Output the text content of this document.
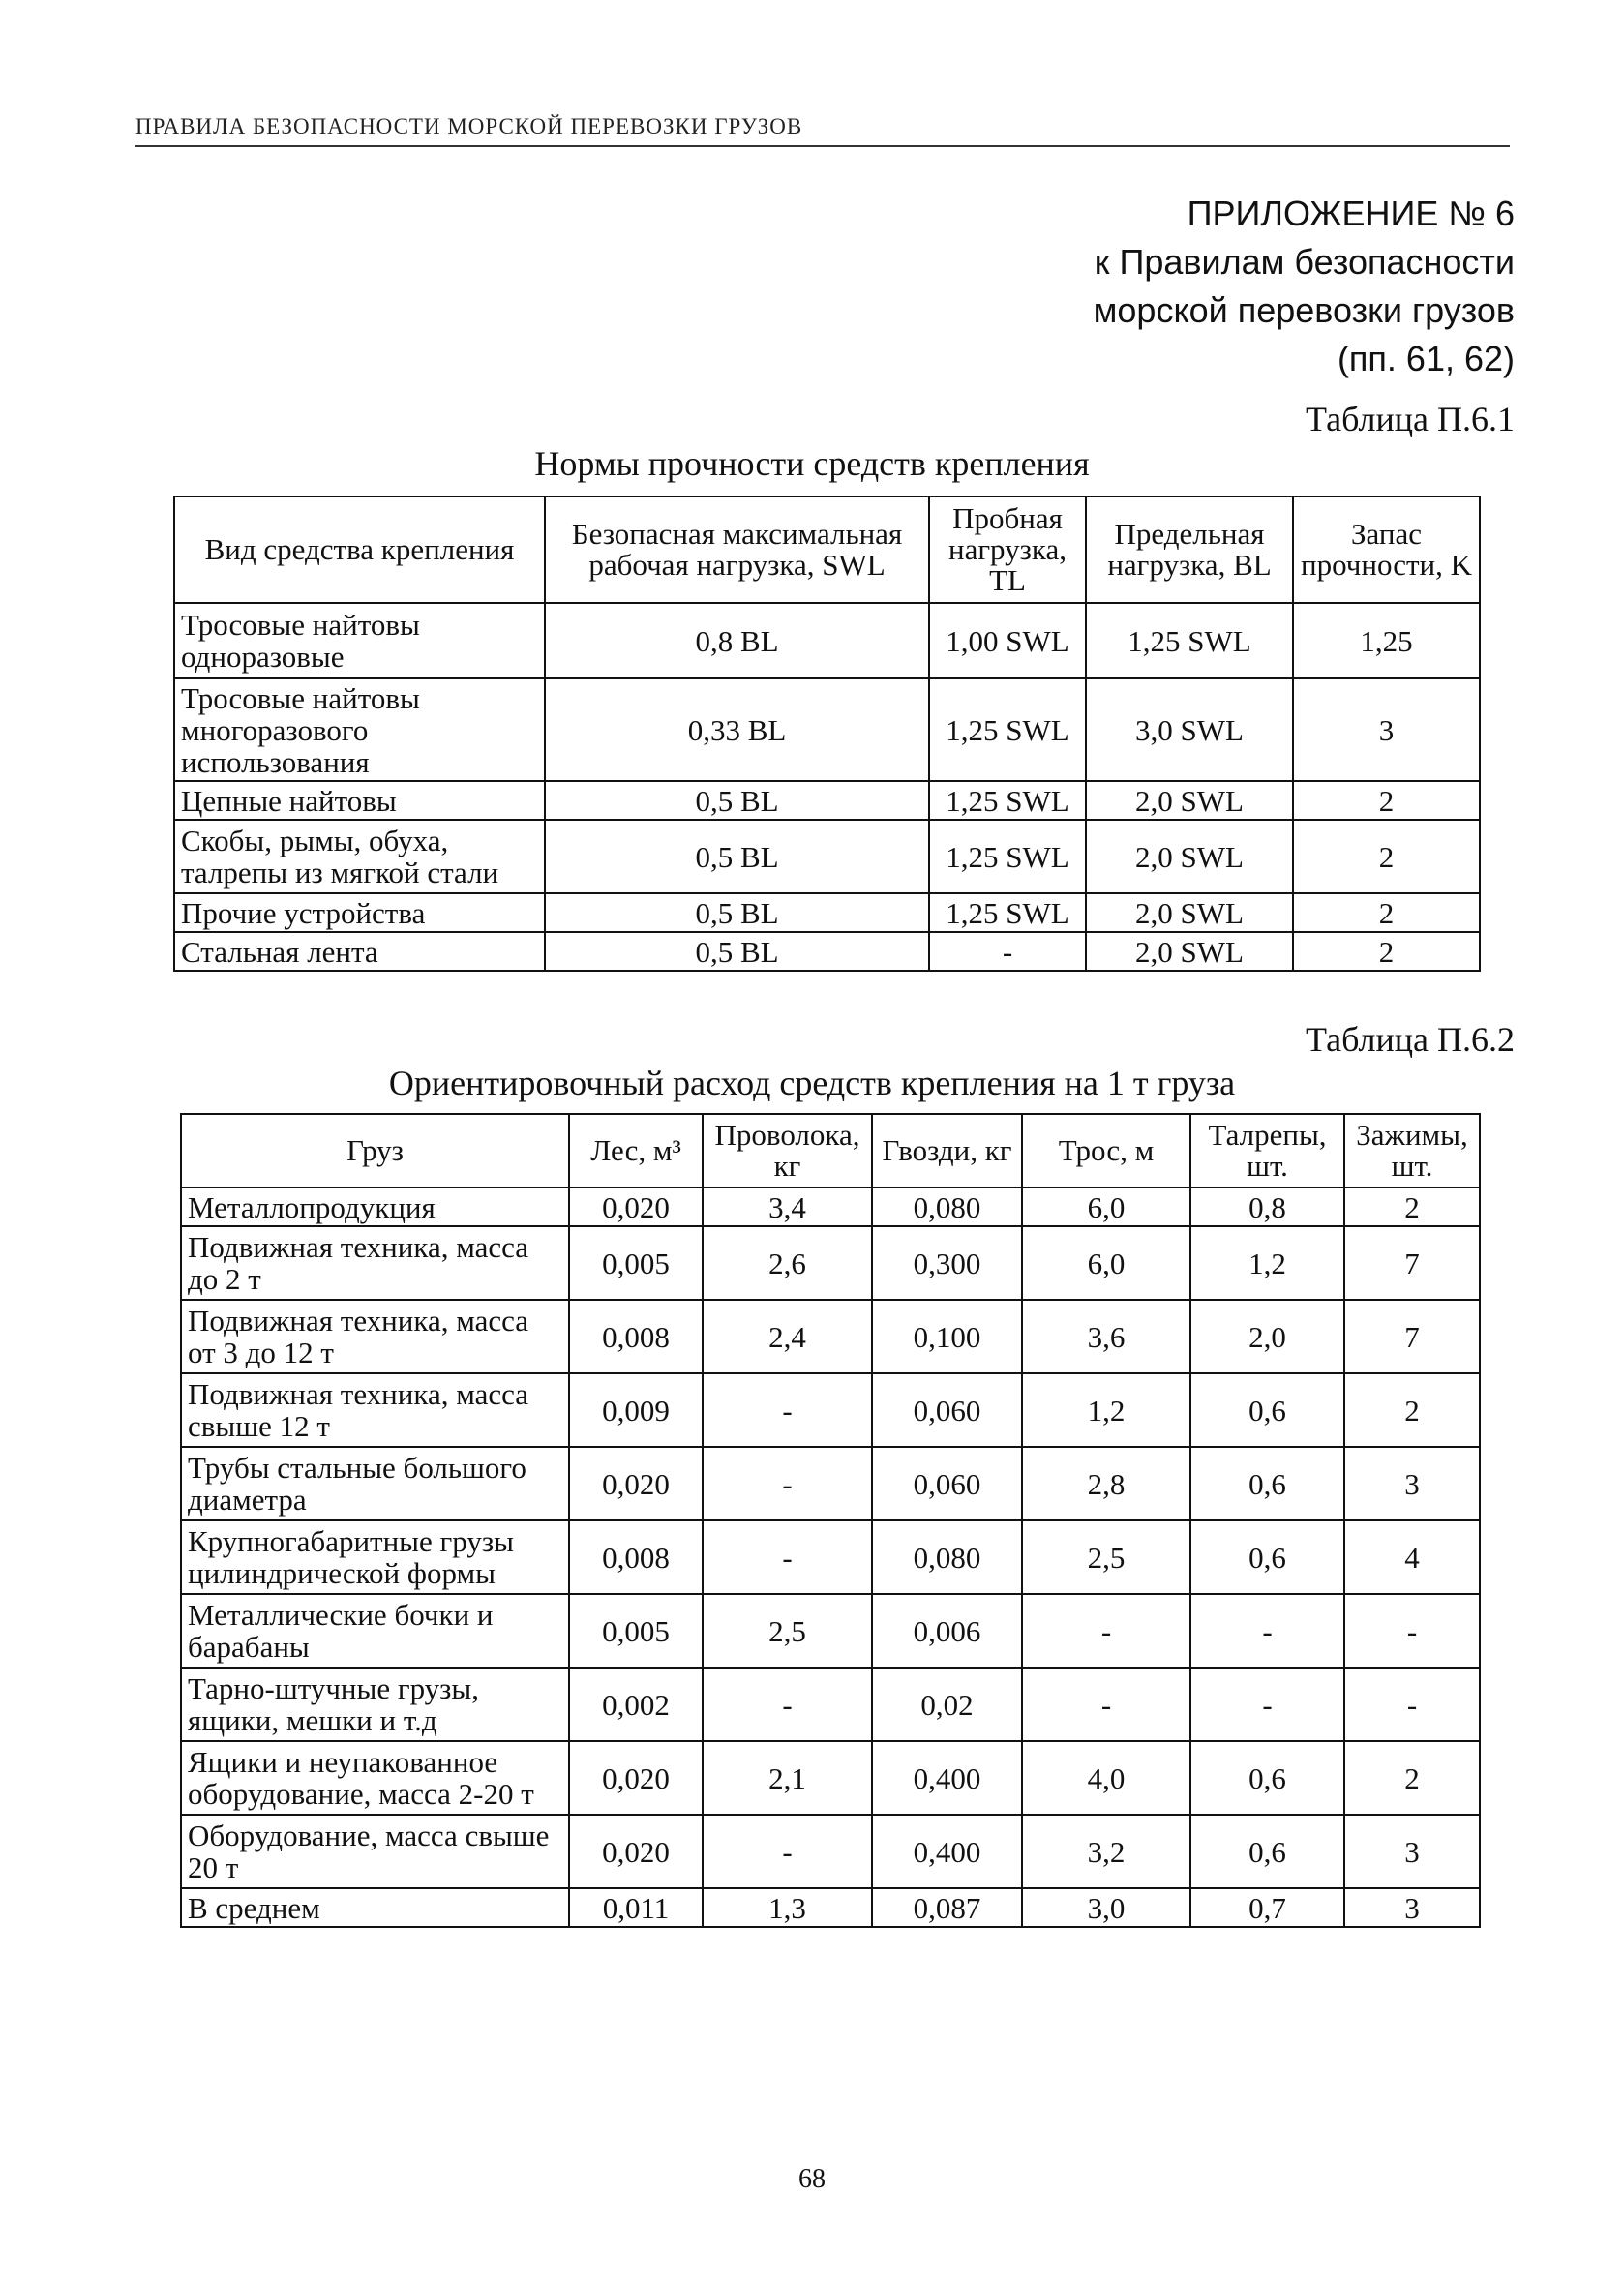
ПРАВИЛА БЕЗОПАСНОСТИ МОРСКОЙ ПЕРЕВОЗКИ ГРУЗОВ
ПРИЛОЖЕНИЕ № 6
к Правилам безопасности
морской перевозки грузов
(пп. 61, 62)
Таблица П.6.1
Нормы прочности средств крепления
Вид средства крепления	Безопасная максимальная рабочая нагрузка, SWL	Пробная нагрузка, TL	Предельная нагрузка, BL	Запас прочности, K
Тросовые найтовы одноразовые	0,8 BL	1,00 SWL	1,25 SWL	1,25
Тросовые найтовы многоразового использования	0,33 BL	1,25 SWL	3,0 SWL	3
Цепные найтовы	0,5 BL	1,25 SWL	2,0 SWL	2
Скобы, рымы, обуха, талрепы из мягкой стали	0,5 BL	1,25 SWL	2,0 SWL	2
Прочие устройства	0,5 BL	1,25 SWL	2,0 SWL	2
Стальная лента	0,5 BL	-	2,0 SWL	2
Таблица П.6.2
Ориентировочный расход средств крепления на 1 т груза
Груз	Лес, м³	Проволока, кг	Гвозди, кг	Трос, м	Талрепы, шт.	Зажимы, шт.
Металлопродукция	0,020	3,4	0,080	6,0	0,8	2
Подвижная техника, масса до 2 т	0,005	2,6	0,300	6,0	1,2	7
Подвижная техника, масса от 3 до 12 т	0,008	2,4	0,100	3,6	2,0	7
Подвижная техника, масса свыше 12 т	0,009	-	0,060	1,2	0,6	2
Трубы стальные большого диаметра	0,020	-	0,060	2,8	0,6	3
Крупногабаритные грузы цилиндрической формы	0,008	-	0,080	2,5	0,6	4
Металлические бочки и барабаны	0,005	2,5	0,006	-	-	-
Тарно-штучные грузы, ящики, мешки и т.д	0,002	-	0,02	-	-	-
Ящики и неупакованное оборудование, масса 2-20 т	0,020	2,1	0,400	4,0	0,6	2
Оборудование, масса свыше 20 т	0,020	-	0,400	3,2	0,6	3
В среднем	0,011	1,3	0,087	3,0	0,7	3
68
